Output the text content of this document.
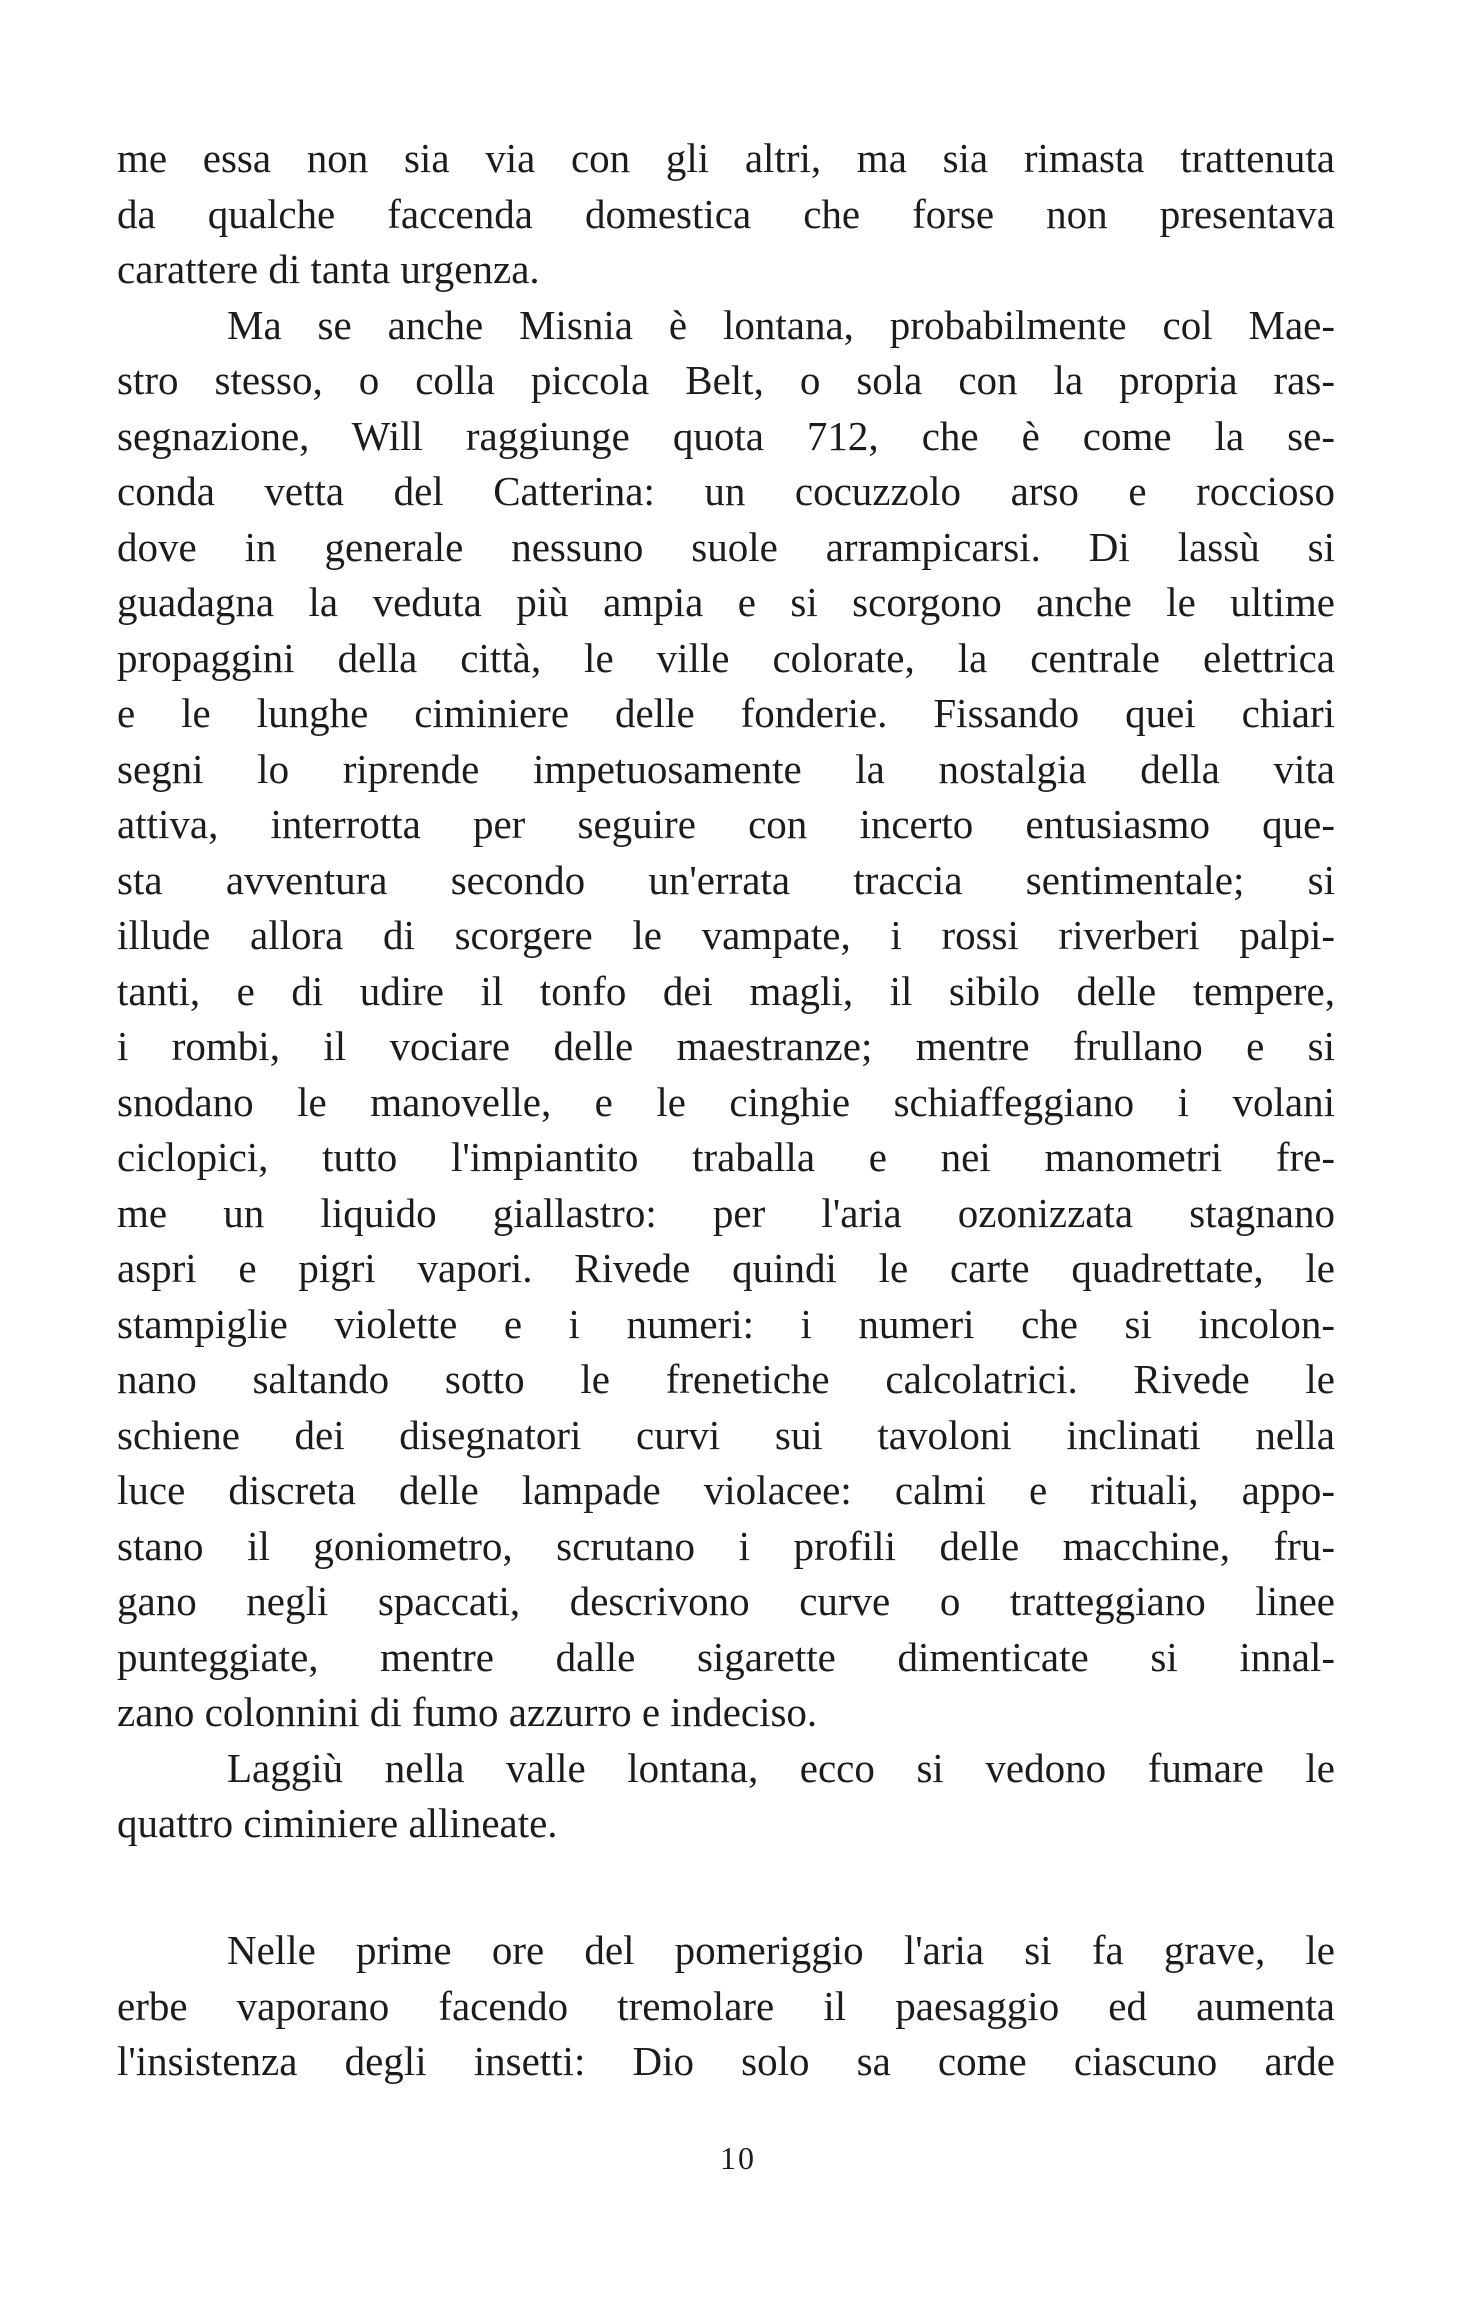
me essa non sia via con gli altri, ma sia rimasta trattenuta
da qualche faccenda domestica che forse non presentava
carattere di tanta urgenza.
Ma se anche Misnia è lontana, probabilmente col Mae-
stro stesso, o colla piccola Belt, o sola con la propria ras-
segnazione, Will raggiunge quota 712, che è come la se-
conda vetta del Catterina: un cocuzzolo arso e roccioso
dove in generale nessuno suole arrampicarsi. Di lassù si
guadagna la veduta più ampia e si scorgono anche le ultime
propaggini della città, le ville colorate, la centrale elettrica
e le lunghe ciminiere delle fonderie. Fissando quei chiari
segni lo riprende impetuosamente la nostalgia della vita
attiva, interrotta per seguire con incerto entusiasmo que-
sta avventura secondo un'errata traccia sentimentale; si
illude allora di scorgere le vampate, i rossi riverberi palpi-
tanti, e di udire il tonfo dei magli, il sibilo delle tempere,
i rombi, il vociare delle maestranze; mentre frullano e si
snodano le manovelle, e le cinghie schiaffeggiano i volani
ciclopici, tutto l'impiantito traballa e nei manometri fre-
me un liquido giallastro: per l'aria ozonizzata stagnano
aspri e pigri vapori. Rivede quindi le carte quadrettate, le
stampiglie violette e i numeri: i numeri che si incolon-
nano saltando sotto le frenetiche calcolatrici. Rivede le
schiene dei disegnatori curvi sui tavoloni inclinati nella
luce discreta delle lampade violacee: calmi e rituali, appo-
stano il goniometro, scrutano i profili delle macchine, fru-
gano negli spaccati, descrivono curve o tratteggiano linee
punteggiate, mentre dalle sigarette dimenticate si innal-
zano colonnini di fumo azzurro e indeciso.
Laggiù nella valle lontana, ecco si vedono fumare le
quattro ciminiere allineate.
Nelle prime ore del pomeriggio l'aria si fa grave, le
erbe vaporano facendo tremolare il paesaggio ed aumenta
l'insistenza degli insetti: Dio solo sa come ciascuno arde
10
